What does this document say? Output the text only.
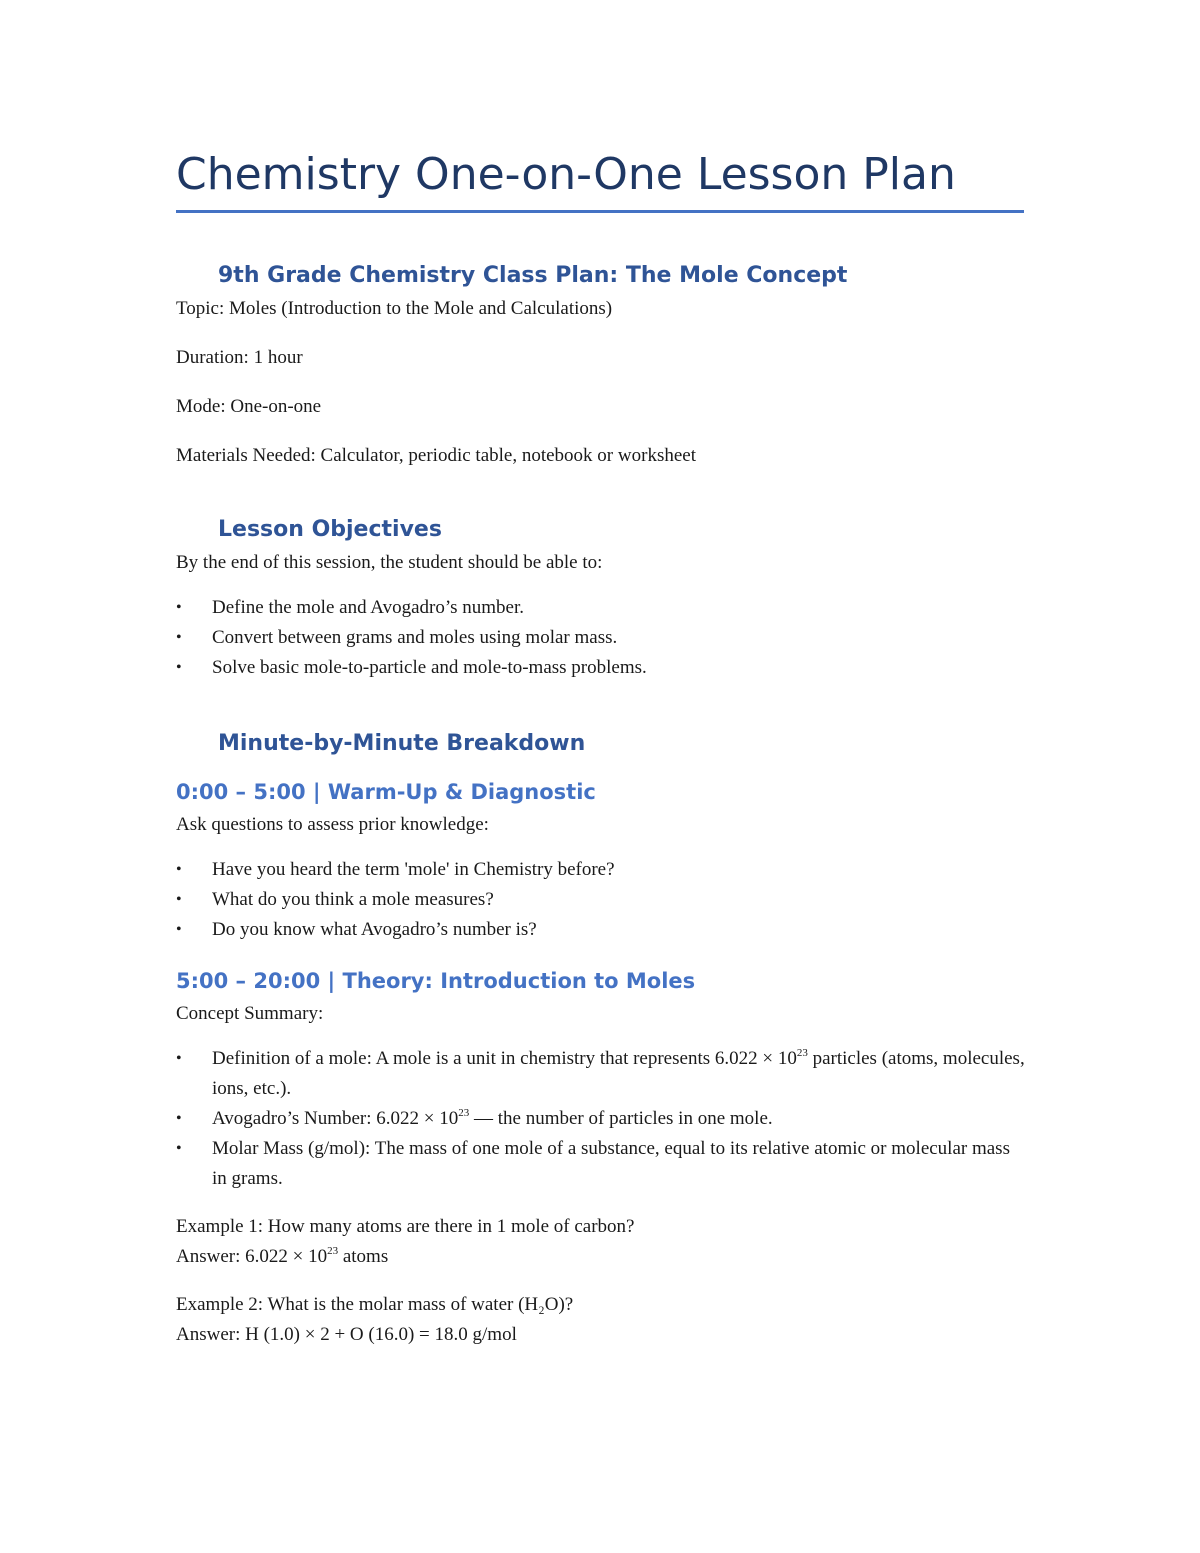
Chemistry One-on-One Lesson Plan
9th Grade Chemistry Class Plan: The Mole Concept

Topic: Moles (Introduction to the Mole and Calculations)

Duration: 1 hour

Mode: One-on-one

Materials Needed: Calculator, periodic table, notebook or worksheet

Lesson Objectives

By the end of this session, the student should be able to:

• Define the mole and Avogadro’s number.
• Convert between grams and moles using molar mass.
• Solve basic mole-to-particle and mole-to-mass problems.
Minute-by-Minute Breakdown
0:00 – 5:00 | Warm-Up & Diagnostic

Ask questions to assess prior knowledge:

• Have you heard the term 'mole' in Chemistry before?
• What do you think a mole measures?
• Do you know what Avogadro’s number is?
5:00 – 20:00 | Theory: Introduction to Moles

Concept Summary:

• Definition of a mole: A mole is a unit in chemistry that represents $6.022 \times 10^{23}$ particles (atoms, molecules, ions, etc.).
• Avogadro’s Number: $6.022 \times 10^{23}$ — the number of particles in one mole.
• Molar Mass (g/mol): The mass of one mole of a substance, equal to its relative atomic or molecular mass in grams.

Example 1: How many atoms are there in 1 mole of carbon?

Answer: $6.022 \times 10^{23}$ atoms

Example 2: What is the molar mass of water (H₂O)?

Answer: H (1.0) × 2 + O (16.0) = 18.0 g/mol
